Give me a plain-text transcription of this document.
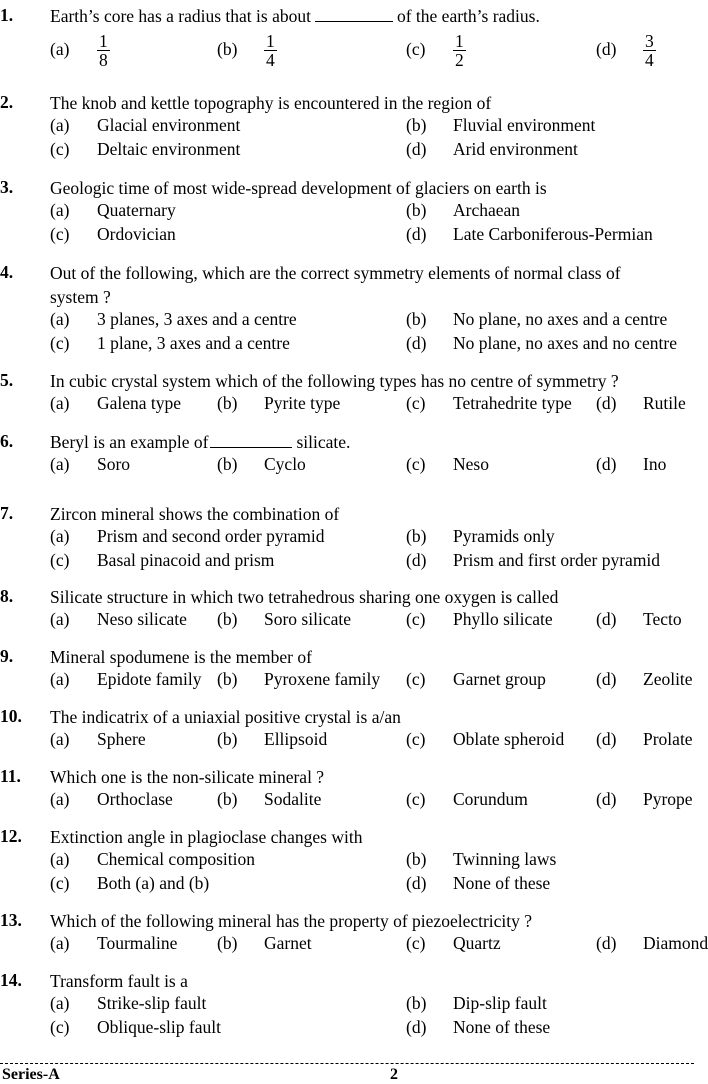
1. Earth’s core has a radius that is about	of the earth’s radius.
$(a) \frac{1}{8}$	$(b) \frac{1}{4}$	$(c) \frac{1}{2}$	$(d) \frac{3}{4}$
2. The knob and kettle topography is encountered in the region of
(a) Glacial environment	(b) Fluvial environment
(c) Deltaic environment	(d) Arid environment
3. Geologic time of most wide-spread development of glaciers on earth is
(a) Quaternary	(b) Archaean
(c) Ordovician	(d) Late Carboniferous-Permian
4. Out of the following, which are the correct symmetry elements of normal class of
system ?
(a) 3 planes, 3 axes and a centre	(b) No plane, no axes and a centre
(c) 1 plane, 3 axes and a centre	(d) No plane, no axes and no centre
5. In cubic crystal system which of the following types has no centre of symmetry ?
(a) Galena type (b) Pyrite type	(c) Tetrahedrite type (d) Rutile
6. Beryl is an example of	silicate.
(a) Soro	(b) Cyclo	(c) Neso	(d) Ino
7. Zircon mineral shows the combination of
(a) Prism and second order pyramid	(b) Pyramids only
(c) Basal pinacoid and prism	(d) Prism and first order pyramid
8. Silicate structure in which two tetrahedrous sharing one oxygen is called
(a) Neso silicate (b) Soro silicate	(c) Phyllo silicate (d) Tecto
9. Mineral spodumene is the member of
(a) Epidote family (b) Pyroxene family (c) Garnet group	(d) Zeolite
10. The indicatrix of a uniaxial positive crystal is a/an
(a) Sphere	(b) Ellipsoid	(c) Oblate spheroid (d) Prolate
11. Which one is the non-silicate mineral ?
(a) Orthoclase	(b) Sodalite	(c) Corundum	(d) Pyrope
12. Extinction angle in plagioclase changes with
(a) Chemical composition	(b) Twinning laws
(c) Both (a) and (b)	(d) None of these
13. Which of the following mineral has the property of piezoelectricity ?
(a) Tourmaline (b) Garnet	(c) Quartz	(d) Diamond
14. Transform fault is a
(a) Strike-slip fault	(b) Dip-slip fault
(c) Oblique-slip fault	(d) None of these
Series-A	2
